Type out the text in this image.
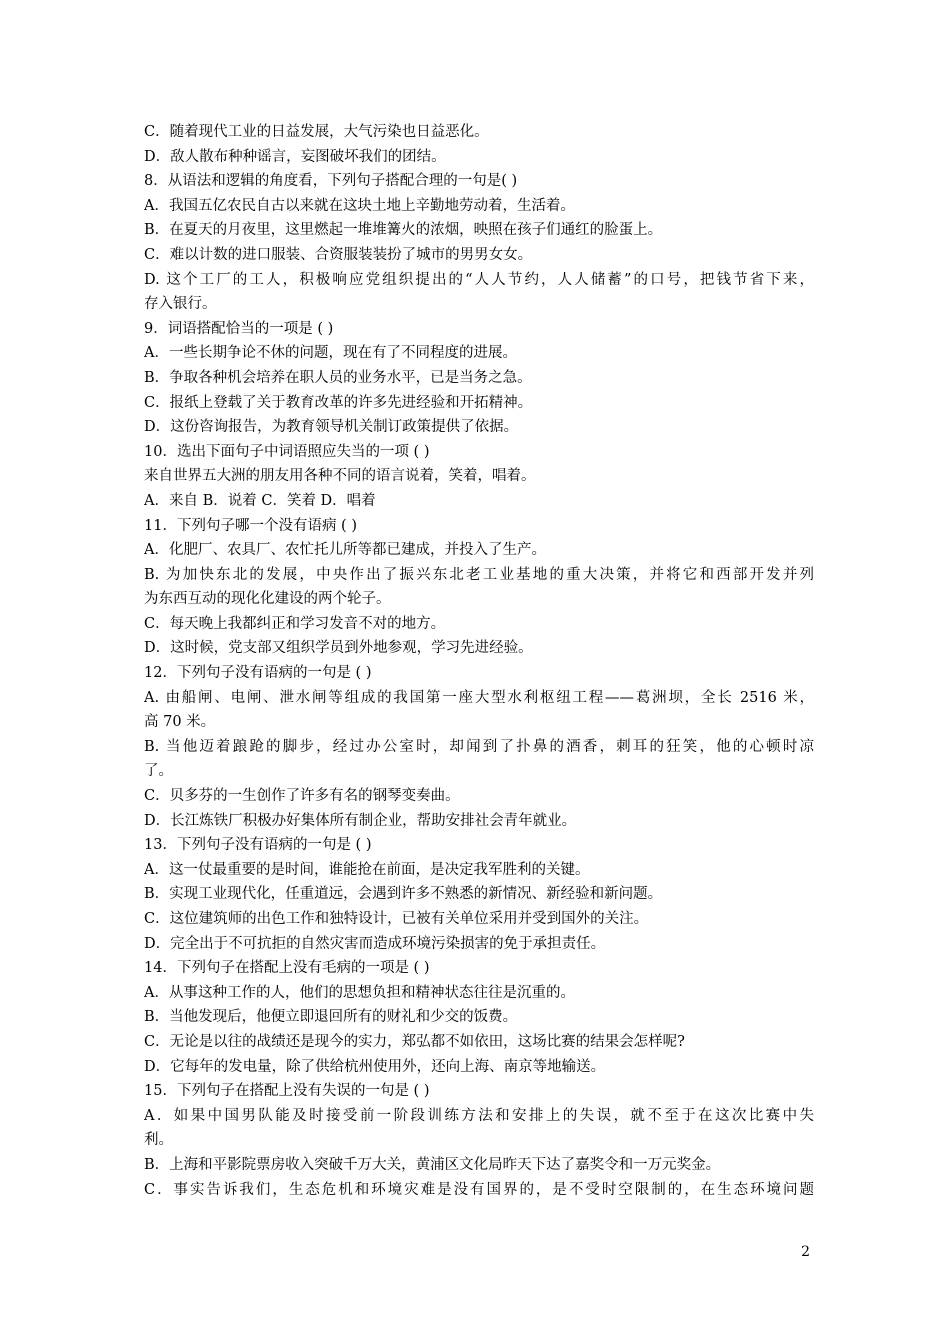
C．随着现代工业的日益发展，大气污染也日益恶化。
D．敌人散布种种谣言，妄图破坏我们的团结。
8．从语法和逻辑的角度看，下列句子搭配合理的一句是( )
A．我国五亿农民自古以来就在这块土地上辛勤地劳动着，生活着。
B．在夏天的月夜里，这里燃起一堆堆篝火的浓烟，映照在孩子们通红的脸蛋上。
C．难以计数的进口服装、合资服装装扮了城市的男男女女。
D. 这个工厂的工人，积极响应党组织提出的“人人节约，人人储蓄”的口号，把钱节省下来，
存入银行。
9．词语搭配恰当的一项是 ( )
A．一些长期争论不休的问题，现在有了不同程度的进展。
B．争取各种机会培养在职人员的业务水平，已是当务之急。
C．报纸上登载了关于教育改革的许多先进经验和开拓精神。
D．这份咨询报告，为教育领导机关制订政策提供了依据。
10．选出下面句子中词语照应失当的一项 ( )
来自世界五大洲的朋友用各种不同的语言说着，笑着，唱着。
A．来自 B．说着 C．笑着 D．唱着
11．下列句子哪一个没有语病 ( )
A．化肥厂、农具厂、农忙托儿所等都已建成，并投入了生产。
B. 为加快东北的发展，中央作出了振兴东北老工业基地的重大决策，并将它和西部开发并列
为东西互动的现化化建设的两个轮子。
C．每天晚上我都纠正和学习发音不对的地方。
D．这时候，党支部又组织学员到外地参观，学习先进经验。
12．下列句子没有语病的一句是 ( )
A. 由船闸、电闸、泄水闸等组成的我国第一座大型水利枢纽工程——葛洲坝，全长 2516 米，
高 70 米。
B. 当他迈着踉跄的脚步，经过办公室时，却闻到了扑鼻的酒香，刺耳的狂笑，他的心顿时凉
了。
C．贝多芬的一生创作了许多有名的钢琴变奏曲。
D．长江炼铁厂积极办好集体所有制企业，帮助安排社会青年就业。
13．下列句子没有语病的一句是 ( )
A．这一仗最重要的是时间，谁能抢在前面，是决定我军胜利的关键。
B．实现工业现代化，任重道远，会遇到许多不熟悉的新情况、新经验和新问题。
C．这位建筑师的出色工作和独特设计，已被有关单位采用并受到国外的关注。
D．完全出于不可抗拒的自然灾害而造成环境污染损害的免于承担责任。
14．下列句子在搭配上没有毛病的一项是 ( )
A．从事这种工作的人，他们的思想负担和精神状态往往是沉重的。
B．当他发现后，他便立即退回所有的财礼和少交的饭费。
C．无论是以往的战绩还是现今的实力，郑弘都不如依田，这场比赛的结果会怎样呢?
D．它每年的发电量，除了供给杭州使用外，还向上海、南京等地输送。
15．下列句子在搭配上没有失误的一句是 ( )
A．如果中国男队能及时接受前一阶段训练方法和安排上的失误，就不至于在这次比赛中失
利。
B．上海和平影院票房收入突破千万大关，黄浦区文化局昨天下达了嘉奖令和一万元奖金。
C．事实告诉我们，生态危机和环境灾难是没有国界的，是不受时空限制的，在生态环境问题
2
